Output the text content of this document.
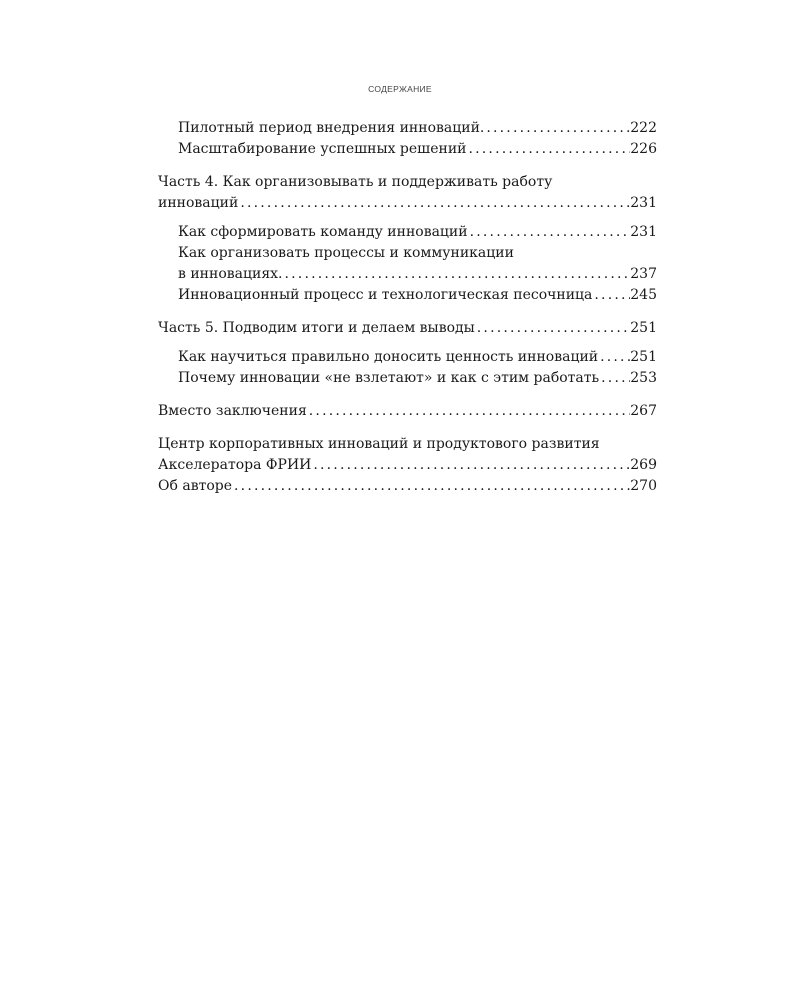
СОДЕРЖАНИЕ
Пилотный период внедрения инноваций. .....	222
Масштабирование успешных решений .....	226
Часть 4. Как организовывать и поддерживать работу
инноваций .....	231
Как сформировать команду инноваций .....	231
Как организовать процессы и коммуникации
в инновациях. .....	237
Инновационный процесс и технологическая песочница .....	245
Часть 5. Подводим итоги и делаем выводы .....	251
Как научиться правильно доносить ценность инноваций ..... 251
Почему инновации «не взлетают» и как с этим работать ..... 253
Вместо заключения .....	267
Центр корпоративных инноваций и продуктового развития
Акселератора ФРИИ .....	269
Об авторе .....	270
